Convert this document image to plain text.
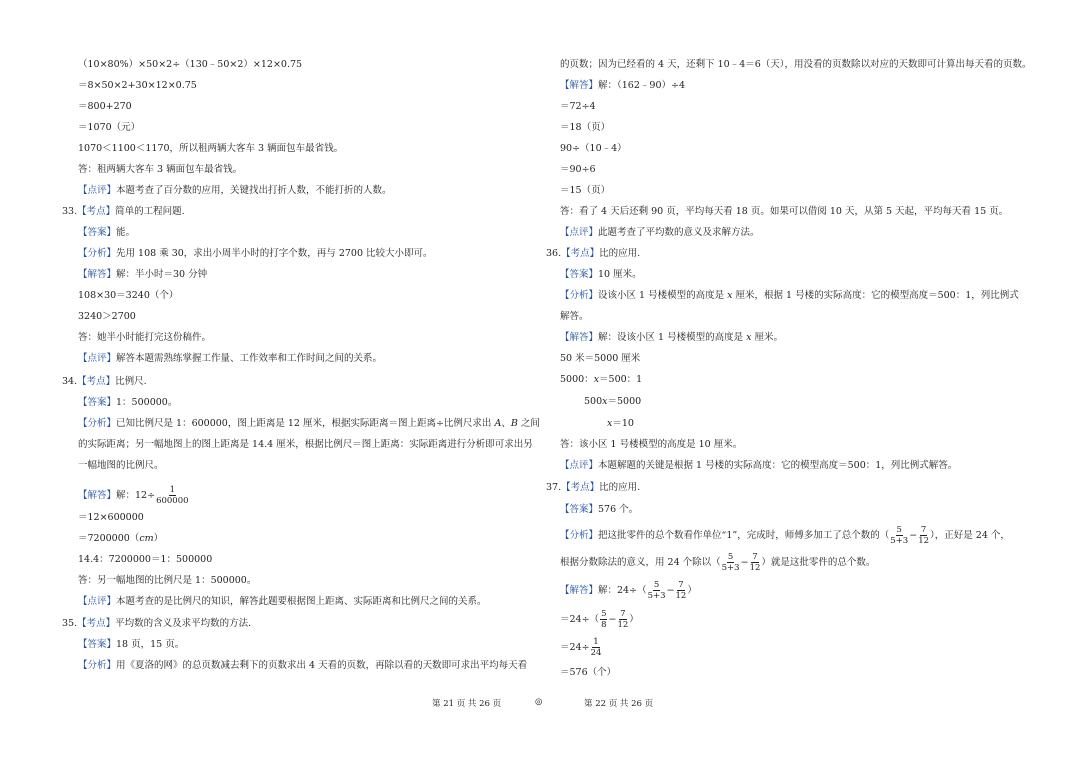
（10×80%）×50×2÷（130﹣50×2）×12×0.75
＝8×50×2+30×12×0.75
＝800+270
＝1070（元）
1070＜1100＜1170，所以租两辆大客车 3 辆面包车最省钱。
答：租两辆大客车 3 辆面包车最省钱。
【点评】本题考查了百分数的应用，关键找出打折人数，不能打折的人数。
33.【考点】简单的工程问题.
【答案】能。
【分析】先用 108 乘 30，求出小周半小时的打字个数，再与 2700 比较大小即可。
【解答】解：半小时＝30 分钟
108×30＝3240（个）
3240＞2700
答：她半小时能打完这份稿件。
【点评】解答本题需熟练掌握工作量、工作效率和工作时间之间的关系。
34.【考点】比例尺.
【答案】1：500000。
【分析】已知比例尺是 1：600000，图上距离是 12 厘米，根据实际距离＝图上距离÷比例尺求出 A、B 之间
的实际距离；另一幅地图上的图上距离是 14.4 厘米，根据比例尺＝图上距离：实际距离进行分析即可求出另
一幅地图的比例尺。
【解答】解：$12\div \frac{1}{600000}$
＝12×600000
＝7200000（cm）
14.4：7200000＝1：500000
答：另一幅地图的比例尺是 1：500000。
【点评】本题考查的是比例尺的知识，解答此题要根据图上距离、实际距离和比例尺之间的关系。
35.【考点】平均数的含义及求平均数的方法.
【答案】18 页，15 页。
【分析】用《夏洛的网》的总页数减去剩下的页数求出 4 天看的页数，再除以看的天数即可求出平均每天看
的页数；因为已经看的 4 天，还剩下 10﹣4＝6（天），用没看的页数除以对应的天数即可计算出每天看的页数。
【解答】解：（162﹣90）÷4
＝72÷4
＝18（页）
90÷（10﹣4）
＝90÷6
＝15（页）
答：看了 4 天后还剩 90 页，平均每天看 18 页。如果可以借阅 10 天，从第 5 天起，平均每天看 15 页。
【点评】此题考查了平均数的意义及求解方法。
36.【考点】比的应用.
【答案】10 厘米。
【分析】设该小区 1 号楼模型的高度是 x 厘米，根据 1 号楼的实际高度：它的模型高度＝500：1，列比例式
解答。
【解答】解：设该小区 1 号楼模型的高度是 x 厘米。
50 米＝5000 厘米
5000：x＝500：1
500x＝5000
x＝10
答：该小区 1 号楼模型的高度是 10 厘米。
【点评】本题解题的关键是根据 1 号楼的实际高度：它的模型高度＝500：1，列比例式解答。
37.【考点】比的应用.
【答案】576 个。
【分析】把这批零件的总个数看作单位“1”，完成时，师傅多加工了总个数的（ $\frac{5}{5+3} - \frac{7}{12}$ ），正好是 24 个，
根据分数除法的意义，用 24 个除以（ $\frac{5}{5+3} - \frac{7}{12}$ ）就是这批零件的总个数。
【解答】解：$24\div( \frac{5}{5+3} - \frac{7}{12}$ ）
$=24\div( \frac{5}{8} - \frac{7}{12}$ ）
$=24\div \frac{1}{24}$
＝576（个）
第 21 页 共 26 页	◎	第 22 页 共 26 页
